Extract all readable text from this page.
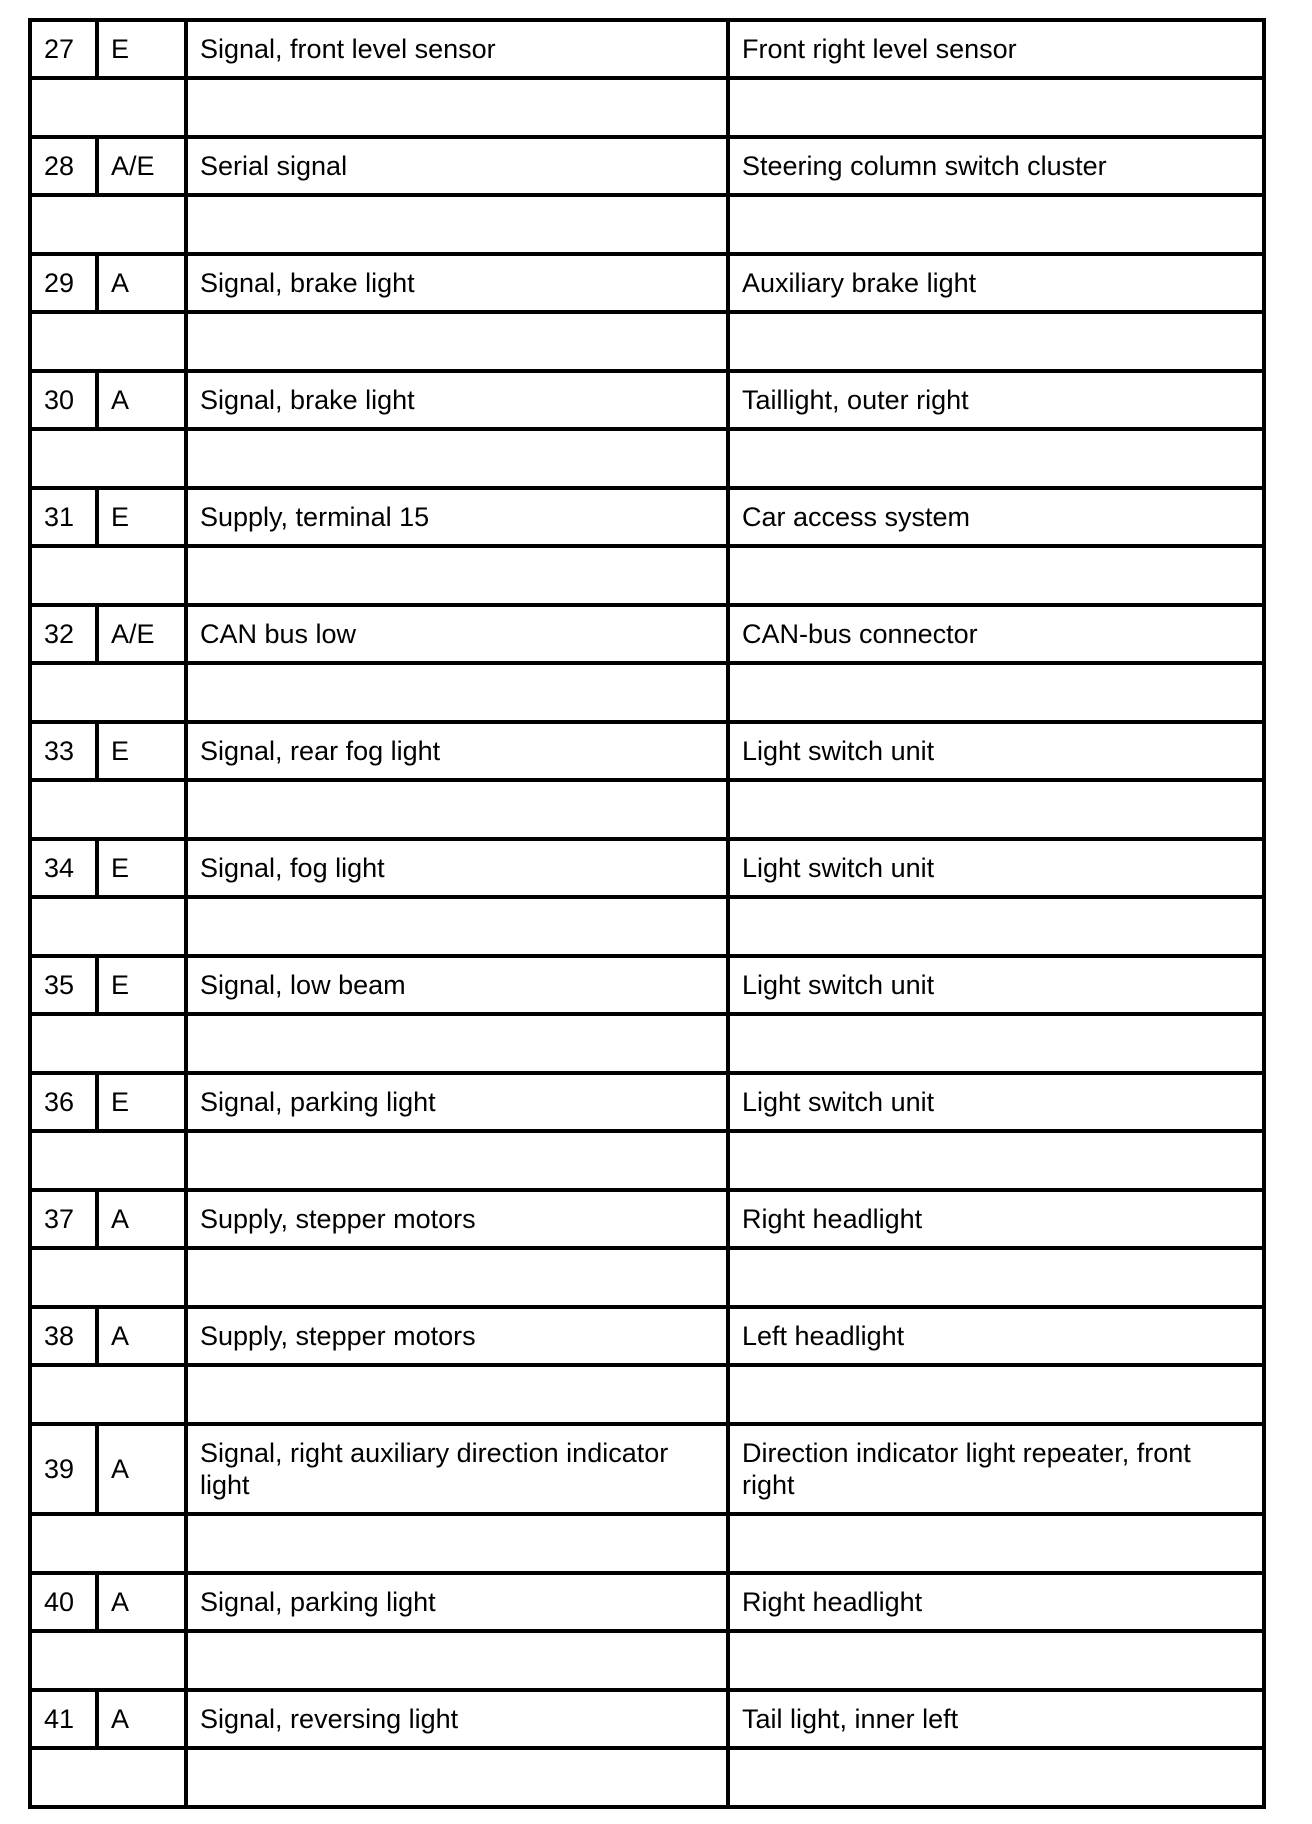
27	E	Signal, front level sensor	Front right level sensor

28	A/E	Serial signal	Steering column switch cluster

29	A	Signal, brake light	Auxiliary brake light

30	A	Signal, brake light	Taillight, outer right

31	E	Supply, terminal 15	Car access system

32	A/E	CAN bus low	CAN-bus connector

33	E	Signal, rear fog light	Light switch unit

34	E	Signal, fog light	Light switch unit

35	E	Signal, low beam	Light switch unit

36	E	Signal, parking light	Light switch unit

37	A	Supply, stepper motors	Right headlight

38	A	Supply, stepper motors	Left headlight

39	A	Signal, right auxiliary direction indicator light	Direction indicator light repeater, front right

40	A	Signal, parking light	Right headlight

41	A	Signal, reversing light	Tail light, inner left
